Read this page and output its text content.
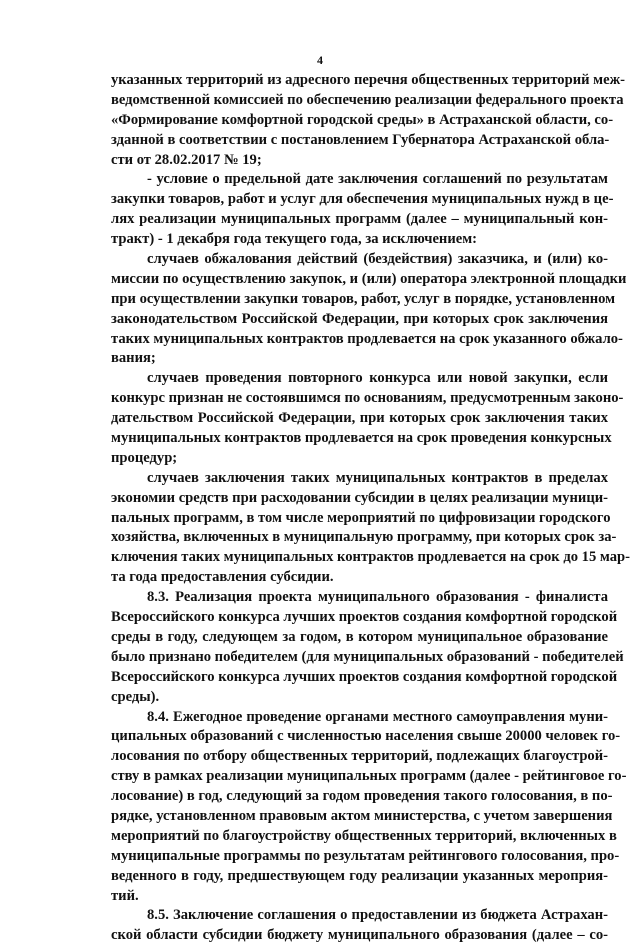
4
указанных территорий из адресного перечня общественных территорий меж-
ведомственной комиссией по обеспечению реализации федерального проекта
«Формирование комфортной городской среды» в Астраханской области, со-
зданной в соответствии с постановлением Губернатора Астраханской обла-
сти от 28.02.2017 № 19;
- условие о предельной дате заключения соглашений по результатам
закупки товаров, работ и услуг для обеспечения муниципальных нужд в це-
лях реализации муниципальных программ (далее – муниципальный кон-
тракт) - 1 декабря года текущего года, за исключением:
случаев обжалования действий (бездействия) заказчика, и (или) ко-
миссии по осуществлению закупок, и (или) оператора электронной площадки
при осуществлении закупки товаров, работ, услуг в порядке, установленном
законодательством Российской Федерации, при которых срок заключения
таких муниципальных контрактов продлевается на срок указанного обжало-
вания;
случаев проведения повторного конкурса или новой закупки, если
конкурс признан не состоявшимся по основаниям, предусмотренным законо-
дательством Российской Федерации, при которых срок заключения таких
муниципальных контрактов продлевается на срок проведения конкурсных
процедур;
случаев заключения таких муниципальных контрактов в пределах
экономии средств при расходовании субсидии в целях реализации муници-
пальных программ, в том числе мероприятий по цифровизации городского
хозяйства, включенных в муниципальную программу, при которых срок за-
ключения таких муниципальных контрактов продлевается на срок до 15 мар-
та года предоставления субсидии.
8.3. Реализация проекта муниципального образования - финалиста
Всероссийского конкурса лучших проектов создания комфортной городской
среды в году, следующем за годом, в котором муниципальное образование
было признано победителем (для муниципальных образований - победителей
Всероссийского конкурса лучших проектов создания комфортной городской
среды).
8.4. Ежегодное проведение органами местного самоуправления муни-
ципальных образований с численностью населения свыше 20000 человек го-
лосования по отбору общественных территорий, подлежащих благоустрой-
ству в рамках реализации муниципальных программ (далее - рейтинговое го-
лосование) в год, следующий за годом проведения такого голосования, в по-
рядке, установленном правовым актом министерства, с учетом завершения
мероприятий по благоустройству общественных территорий, включенных в
муниципальные программы по результатам рейтингового голосования, про-
веденного в году, предшествующем году реализации указанных мероприя-
тий.
8.5. Заключение соглашения о предоставлении из бюджета Астрахан-
ской области субсидии бюджету муниципального образования (далее – со-
